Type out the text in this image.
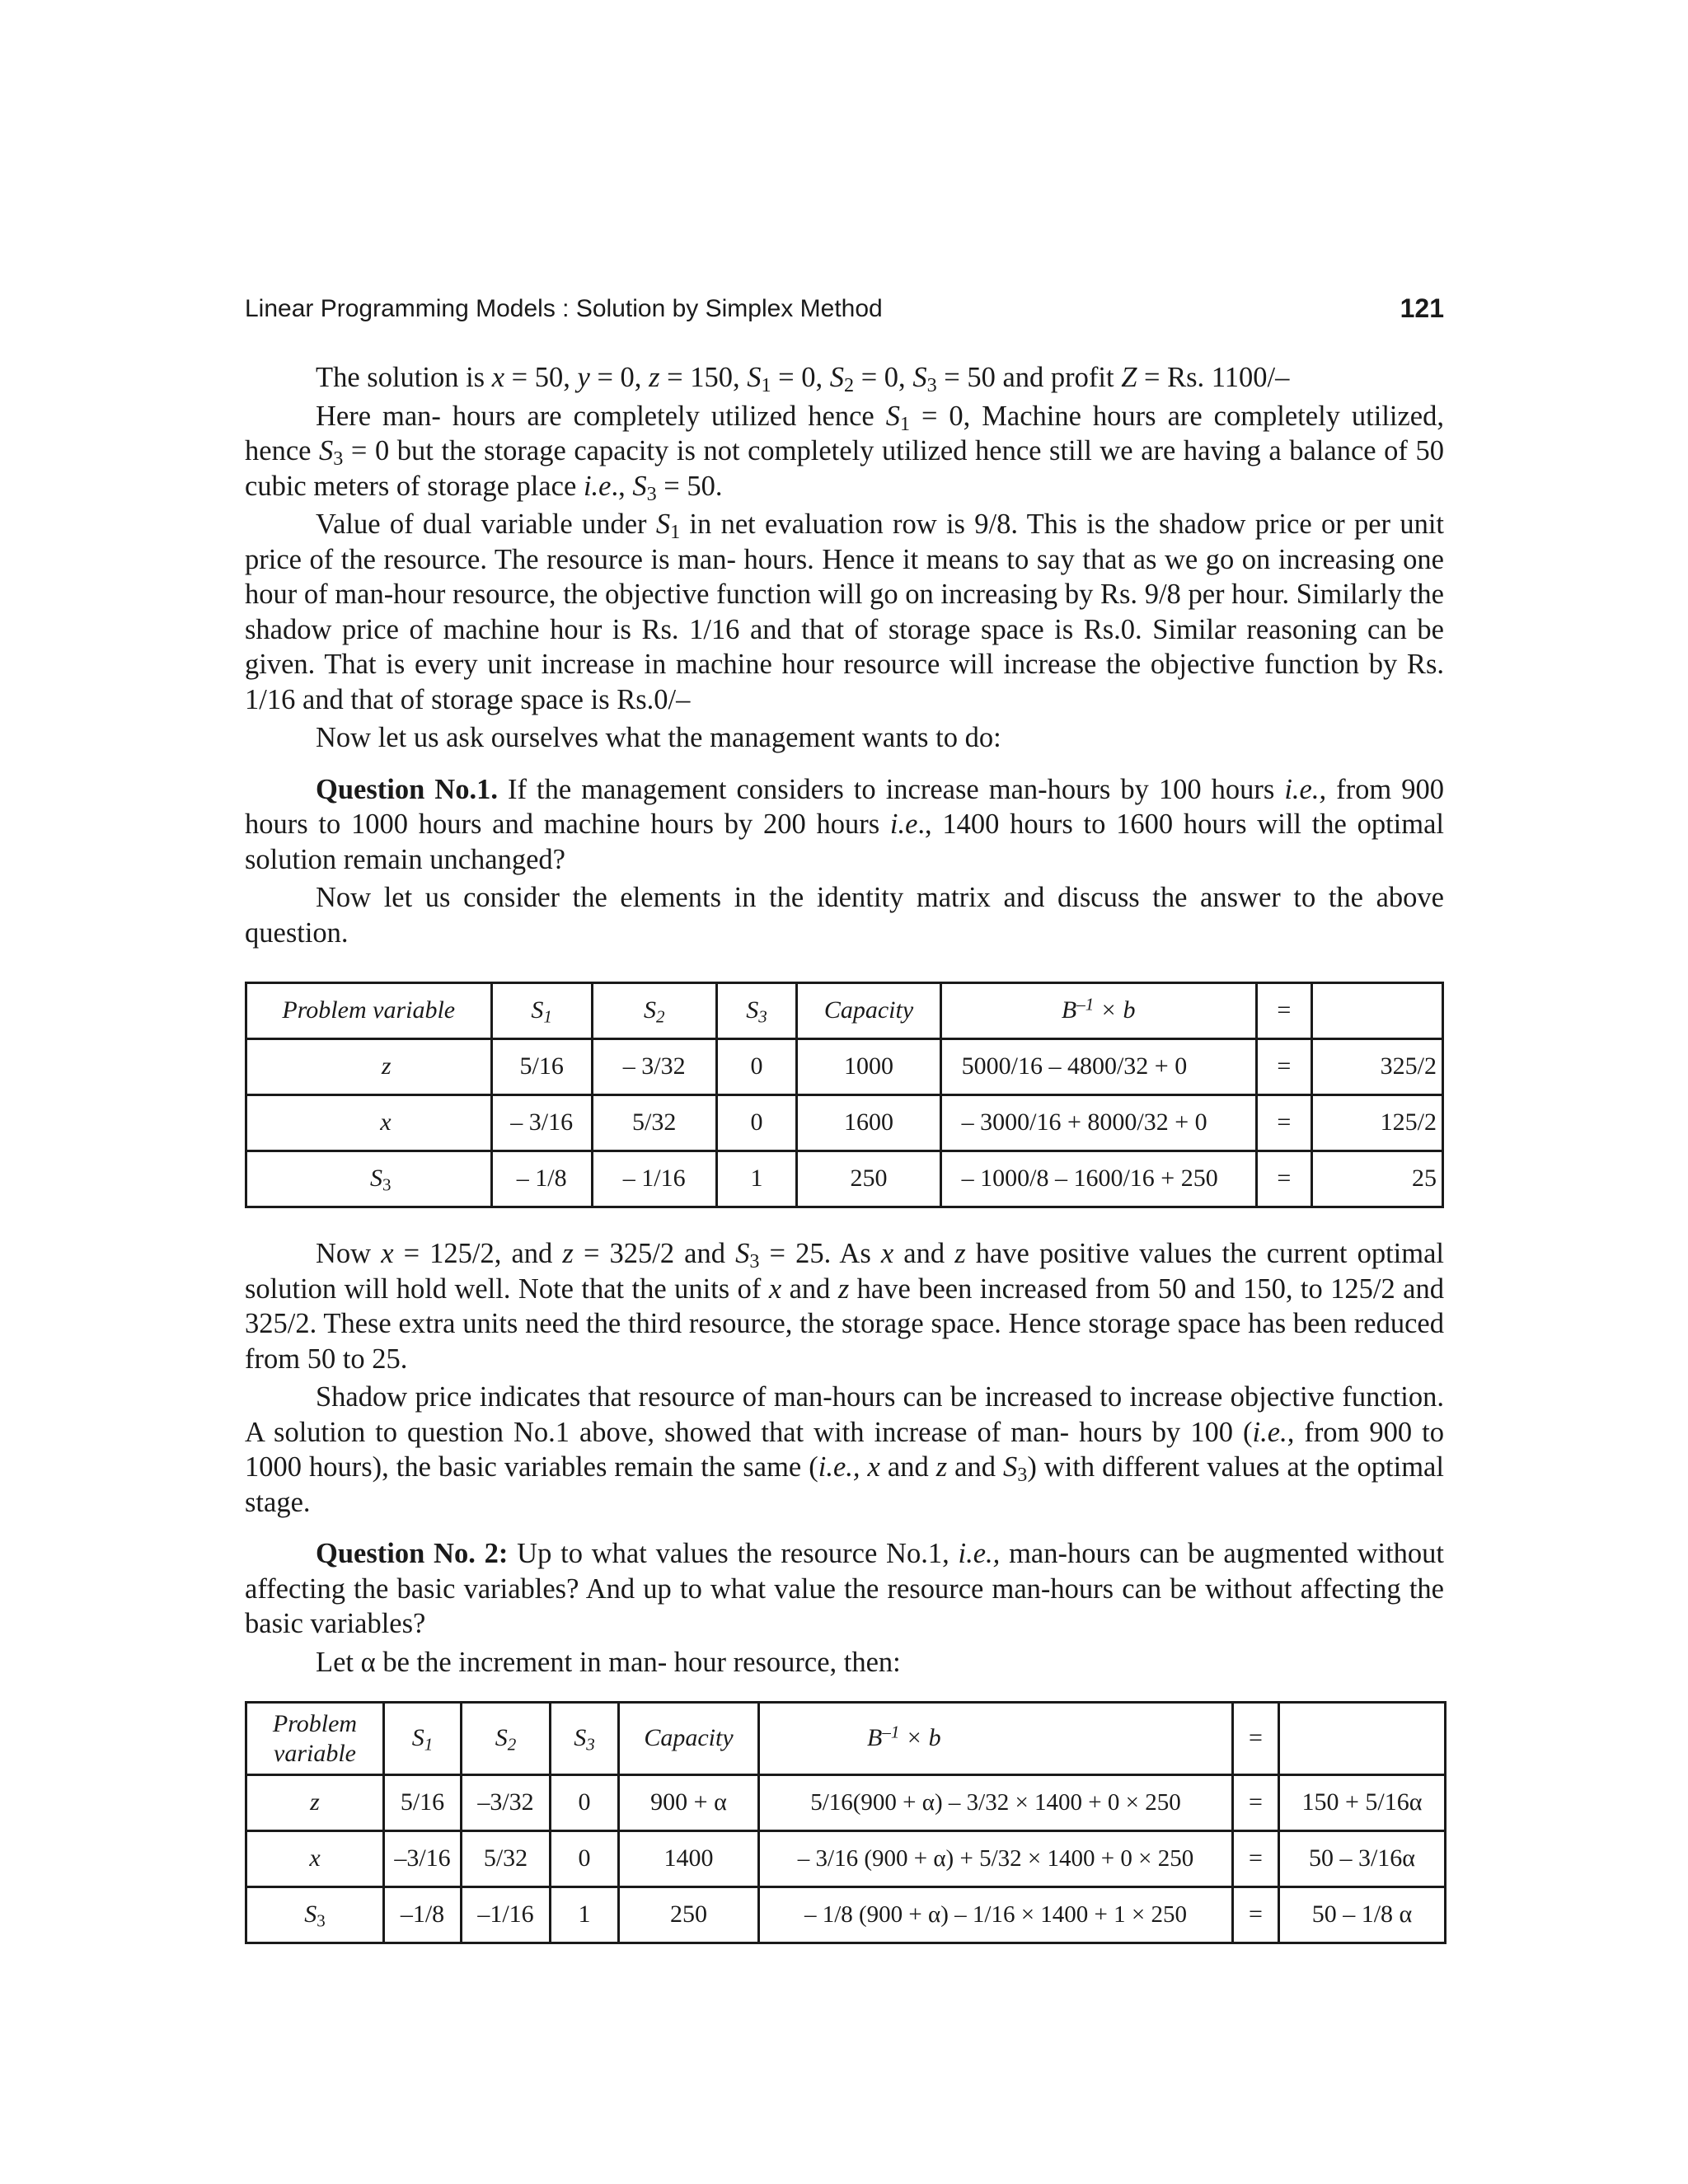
Linear Programming Models : Solution by Simplex Method	121

The solution is x = 50, y = 0, z = 150, $S_1 = 0$, $S_2 = 0$, $S_3 = 50$ and profit Z = Rs. 1100/–

Here man- hours are completely utilized hence $S_1 = 0$, Machine hours are completely utilized, hence $S_3 = 0$ but the storage capacity is not completely utilized hence still we are having a balance of 50 cubic meters of storage place i.e., $S_3 = 50$.

Value of dual variable under $S_1$ in net evaluation row is 9/8. This is the shadow price or per unit price of the resource. The resource is man- hours. Hence it means to say that as we go on increasing one hour of man-hour resource, the objective function will go on increasing by Rs. 9/8 per hour. Similarly the shadow price of machine hour is Rs. 1/16 and that of storage space is Rs.0. Similar reasoning can be given. That is every unit increase in machine hour resource will increase the objective function by Rs. 1/16 and that of storage space is Rs.0/–

Now let us ask ourselves what the management wants to do:

Question No.1. If the management considers to increase man-hours by 100 hours i.e., from 900 hours to 1000 hours and machine hours by 200 hours i.e., 1400 hours to 1600 hours will the optimal solution remain unchanged?

Now let us consider the elements in the identity matrix and discuss the answer to the above question.

Problem variable	$S_1$	$S_2$	$S_3$	Capacity	$B^{-1} \times b$	=	
z	5/16	– 3/32	0	1000	5000/16 – 4800/32 + 0	=	325/2
x	– 3/16	5/32	0	1600	– 3000/16 + 8000/32 + 0	=	125/2
$S_3$	– 1/8	– 1/16	1	250	– 1000/8 – 1600/16 + 250	=	25

Now x = 125/2, and z = 325/2 and $S_3 = 25$. As x and z have positive values the current optimal solution will hold well. Note that the units of x and z have been increased from 50 and 150, to 125/2 and 325/2. These extra units need the third resource, the storage space. Hence storage space has been reduced from 50 to 25.

Shadow price indicates that resource of man-hours can be increased to increase objective function. A solution to question No.1 above, showed that with increase of man- hours by 100 (i.e., from 900 to 1000 hours), the basic variables remain the same (i.e., x and z and $S_3$) with different values at the optimal stage.

Question No. 2: Up to what values the resource No.1, i.e., man-hours can be augmented without affecting the basic variables? And up to what value the resource man-hours can be without affecting the basic variables?

Let α be the increment in man- hour resource, then:

Problem variable	$S_1$	$S_2$	$S_3$	Capacity	$B^{-1} \times b$	=	
z	5/16	–3/32	0	900 + α	5/16(900 + α) – 3/32 × 1400 + 0 × 250	=	150 + 5/16α
x	–3/16	5/32	0	1400	– 3/16 (900 + α) + 5/32 × 1400 + 0 × 250	=	50 – 3/16α
$S_3$	–1/8	–1/16	1	250	– 1/8 (900 + α) – 1/16 × 1400 + 1 × 250	=	50 – 1/8 α
